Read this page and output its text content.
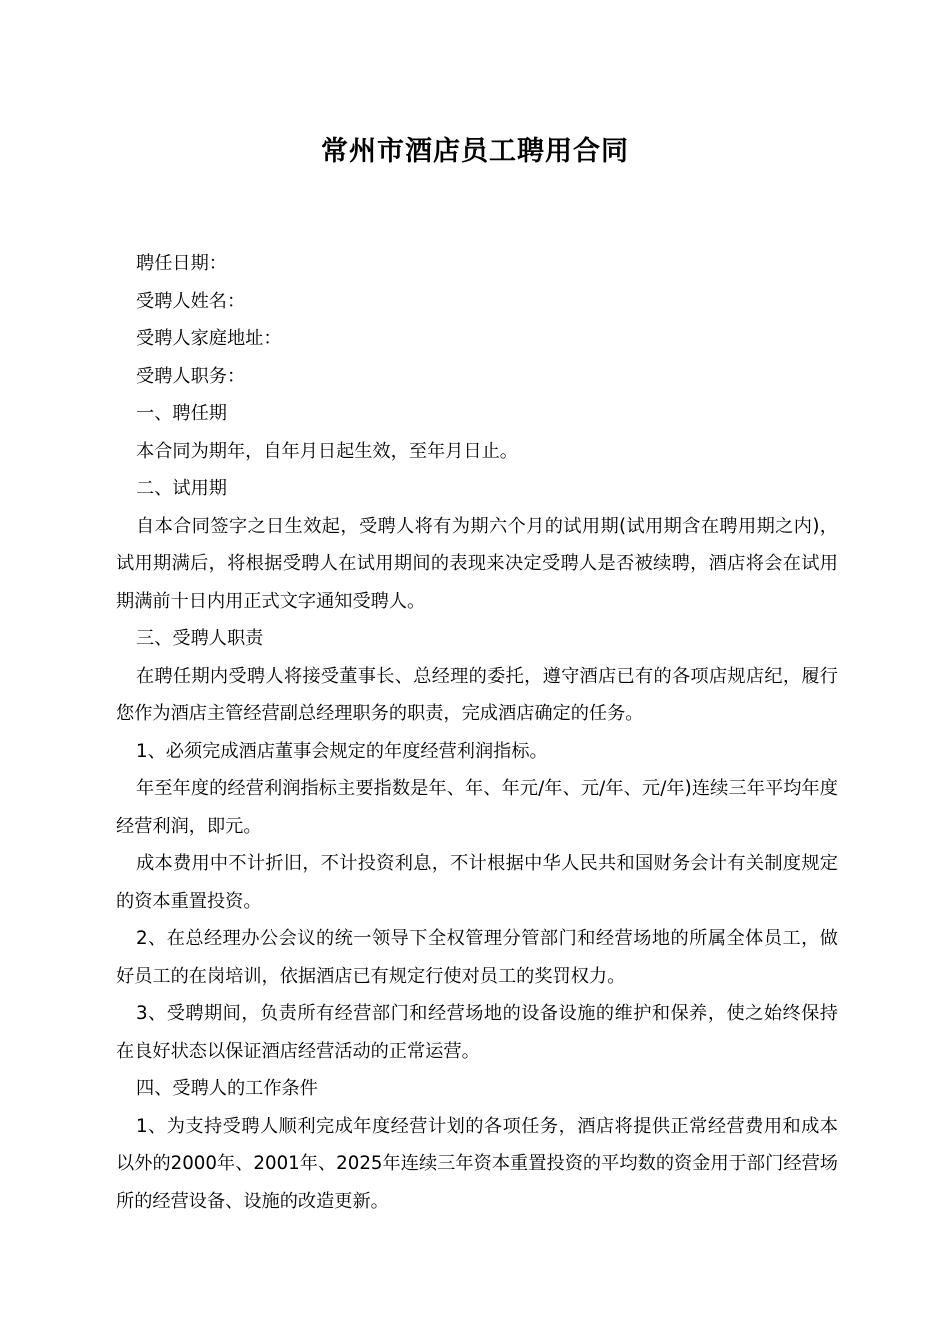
常州市酒店员工聘用合同

聘任日期：

受聘人姓名：

受聘人家庭地址：

受聘人职务：

一、聘任期

本合同为期年，自年月日起生效，至年月日止。

二、试用期

自本合同签字之日生效起，受聘人将有为期六个月的试用期(试用期含在聘用期之内)，试用期满后，将根据受聘人在试用期间的表现来决定受聘人是否被续聘，酒店将会在试用期满前十日内用正式文字通知受聘人。

三、受聘人职责

在聘任期内受聘人将接受董事长、总经理的委托，遵守酒店已有的各项店规店纪，履行您作为酒店主管经营副总经理职务的职责，完成酒店确定的任务。

1、必须完成酒店董事会规定的年度经营利润指标。

年至年度的经营利润指标主要指数是年、年、年元/年、元/年、元/年)连续三年平均年度经营利润，即元。

成本费用中不计折旧，不计投资利息，不计根据中华人民共和国财务会计有关制度规定的资本重置投资。

2、在总经理办公会议的统一领导下全权管理分管部门和经营场地的所属全体员工，做好员工的在岗培训，依据酒店已有规定行使对员工的奖罚权力。

3、受聘期间，负责所有经营部门和经营场地的设备设施的维护和保养，使之始终保持在良好状态以保证酒店经营活动的正常运营。

四、受聘人的工作条件

1、为支持受聘人顺利完成年度经营计划的各项任务，酒店将提供正常经营费用和成本以外的2000年、2001年、2025年连续三年资本重置投资的平均数的资金用于部门经营场所的经营设备、设施的改造更新。
